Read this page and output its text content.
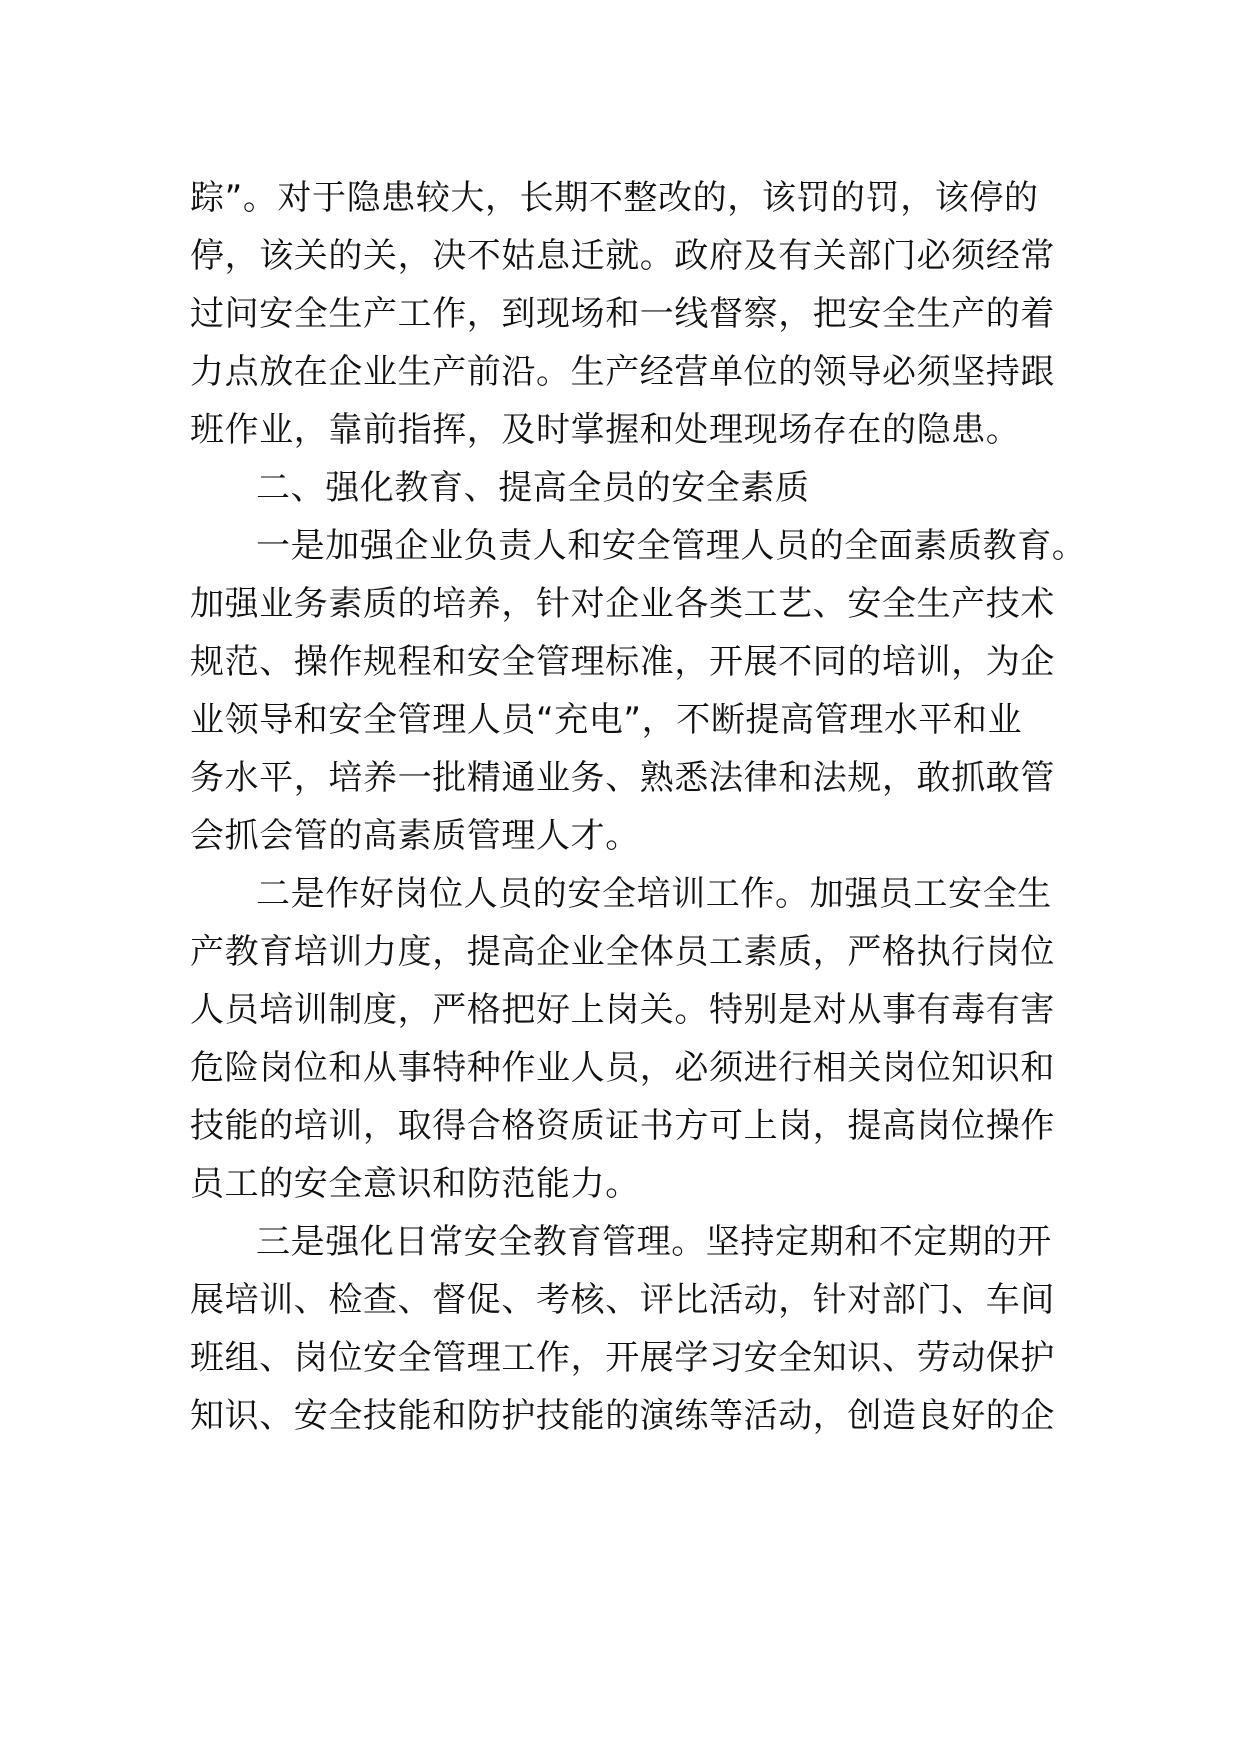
踪”。对于隐患较大，长期不整改的，该罚的罚，该停的

停，该关的关，决不姑息迁就。政府及有关部门必须经常

过问安全生产工作，到现场和一线督察，把安全生产的着

力点放在企业生产前沿。生产经营单位的领导必须坚持跟

班作业，靠前指挥，及时掌握和处理现场存在的隐患。

二、强化教育、提高全员的安全素质

一是加强企业负责人和安全管理人员的全面素质教育。

加强业务素质的培养，针对企业各类工艺、安全生产技术

规范、操作规程和安全管理标准，开展不同的培训，为企

业领导和安全管理人员“充电”，不断提高管理水平和业

务水平，培养一批精通业务、熟悉法律和法规，敢抓敢管

会抓会管的高素质管理人才。

二是作好岗位人员的安全培训工作。加强员工安全生

产教育培训力度，提高企业全体员工素质，严格执行岗位

人员培训制度，严格把好上岗关。特别是对从事有毒有害

危险岗位和从事特种作业人员，必须进行相关岗位知识和

技能的培训，取得合格资质证书方可上岗，提高岗位操作

员工的安全意识和防范能力。

三是强化日常安全教育管理。坚持定期和不定期的开

展培训、检查、督促、考核、评比活动，针对部门、车间

班组、岗位安全管理工作，开展学习安全知识、劳动保护

知识、安全技能和防护技能的演练等活动，创造良好的企
